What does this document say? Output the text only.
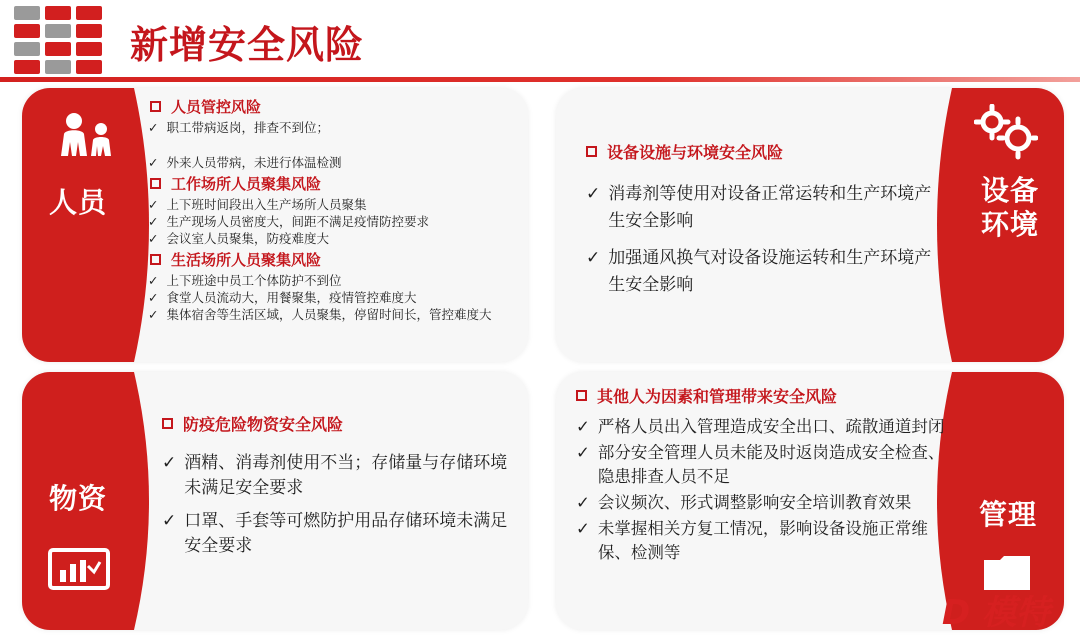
新增安全风险
人员
人员管控风险
✓ 职工带病返岗，排查不到位；
✓ 外来人员带病，未进行体温检测
工作场所人员聚集风险
✓ 上下班时间段出入生产场所人员聚集
✓ 生产现场人员密度大，间距不满足疫情防控要求
✓ 会议室人员聚集，防疫难度大
生活场所人员聚集风险
✓ 上下班途中员工个体防护不到位
✓ 食堂人员流动大，用餐聚集，疫情管控难度大
✓ 集体宿舍等生活区域，人员聚集，停留时间长，管控难度大
设备
环境
设备设施与环境安全风险
✓ 消毒剂等使用对设备正常运转和生产环境产生安全影响
✓ 加强通风换气对设备设施运转和生产环境产生安全影响
物资
防疫危险物资安全风险
✓ 酒精、消毒剂使用不当；存储量与存储环境未满足安全要求
✓ 口罩、手套等可燃防护用品存储环境未满足安全要求
管理
其他人为因素和管理带来安全风险
✓ 严格人员出入管理造成安全出口、疏散通道封闭
✓ 部分安全管理人员未能及时返岗造成安全检查、隐患排查人员不足
✓ 会议频次、形式调整影响安全培训教育效果
✓ 未掌握相关方复工情况，影响设备设施正常维保、检测等
D 模特
